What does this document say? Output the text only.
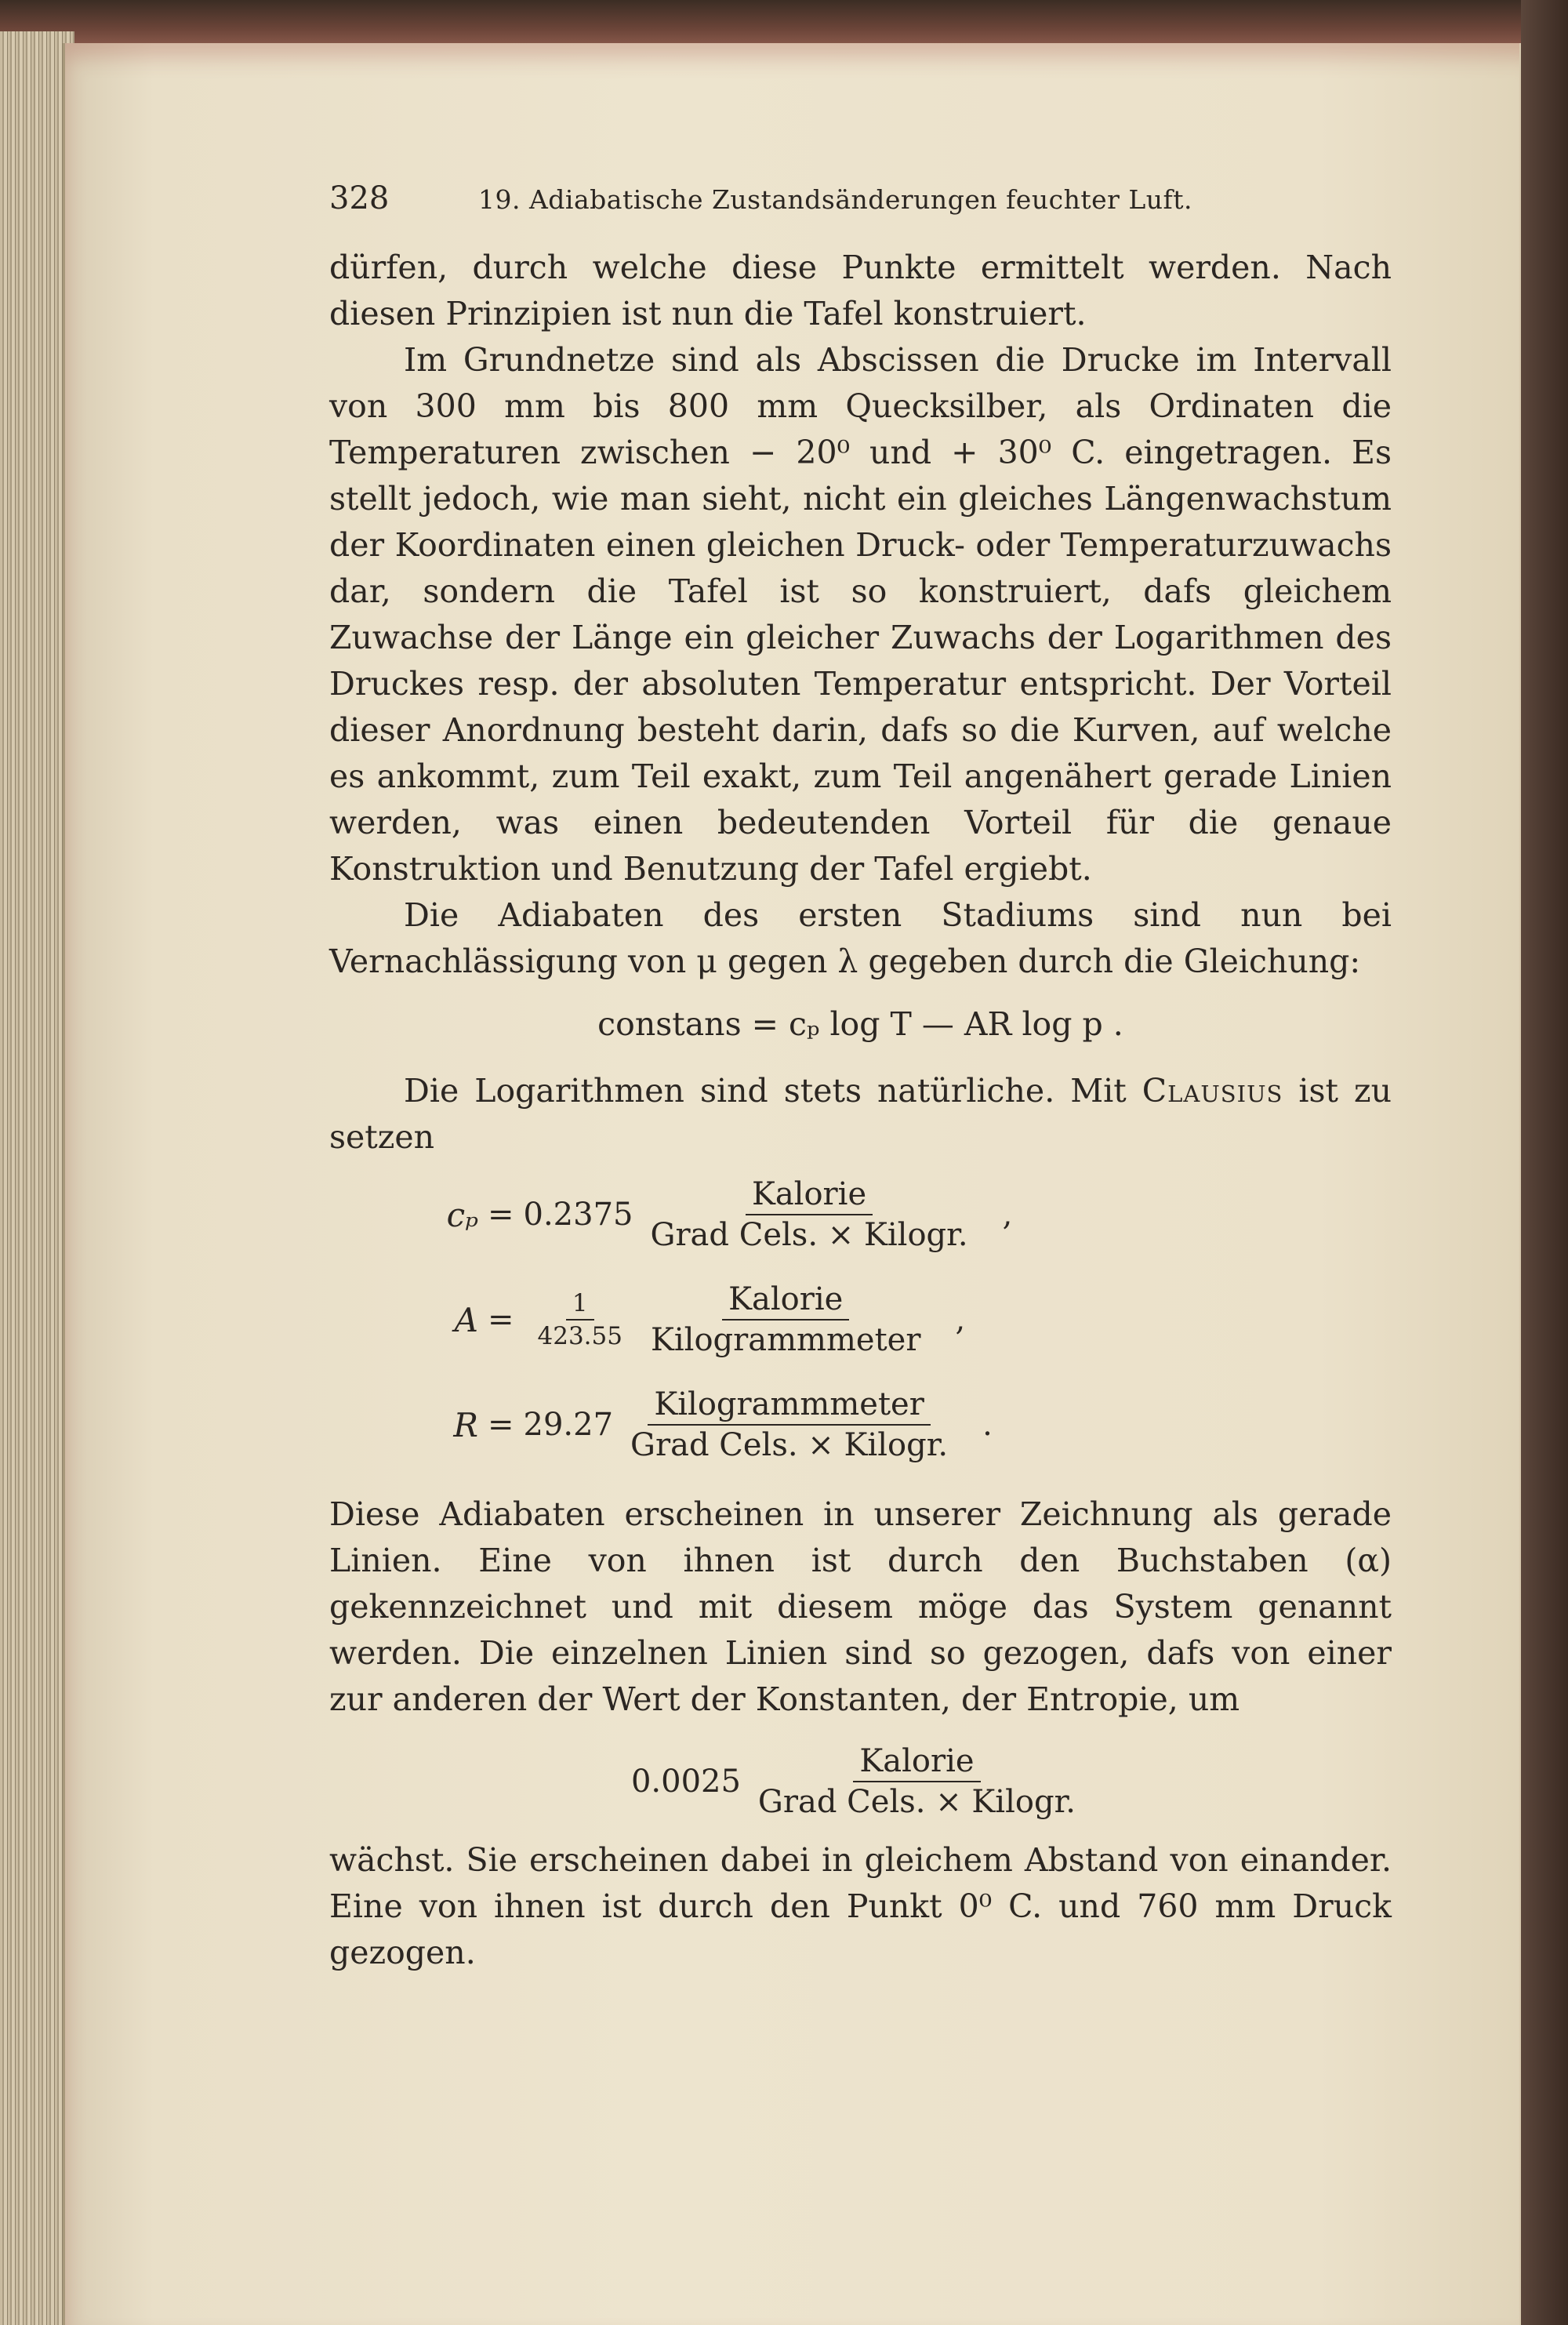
328	19. Adiabatische Zustandsänderungen feuchter Luft.

dürfen, durch welche diese Punkte ermittelt werden. Nach diesen Prinzipien ist nun die Tafel konstruiert.

Im Grundnetze sind als Abscissen die Drucke im Intervall von 300 mm bis 800 mm Quecksilber, als Ordinaten die Temperaturen zwischen − 20⁰ und + 30⁰ C. eingetragen. Es stellt jedoch, wie man sieht, nicht ein gleiches Längenwachstum der Koordinaten einen gleichen Druck- oder Temperaturzuwachs dar, sondern die Tafel ist so konstruiert, dafs gleichem Zuwachse der Länge ein gleicher Zuwachs der Logarithmen des Druckes resp. der absoluten Temperatur entspricht. Der Vorteil dieser Anordnung besteht darin, dafs so die Kurven, auf welche es ankommt, zum Teil exakt, zum Teil angenähert gerade Linien werden, was einen bedeutenden Vorteil für die genaue Konstruktion und Benutzung der Tafel ergiebt.

Die Adiabaten des ersten Stadiums sind nun bei Vernachlässigung von μ gegen λ gegeben durch die Gleichung:

constans = cₚ log T — AR log p .

Die Logarithmen sind stets natürliche. Mit Clausius ist zu setzen

$c_p = 0.2375 \frac{\text{Kalorie}}{\text{Grad Cels. × Kilogr.}}$ ,
$A = \frac{1}{423.55} \frac{\text{Kalorie}}{\text{Kilogrammmeter}}$ ,
$R = 29.27 \frac{\text{Kilogrammmeter}}{\text{Grad Cels. × Kilogr.}}$ .

Diese Adiabaten erscheinen in unserer Zeichnung als gerade Linien. Eine von ihnen ist durch den Buchstaben (α) gekennzeichnet und mit diesem möge das System genannt werden. Die einzelnen Linien sind so gezogen, dafs von einer zur anderen der Wert der Konstanten, der Entropie, um

$0.0025 \frac{\text{Kalorie}}{\text{Grad Cels. × Kilogr.}}$

wächst. Sie erscheinen dabei in gleichem Abstand von einander. Eine von ihnen ist durch den Punkt 0⁰ C. und 760 mm Druck gezogen.
